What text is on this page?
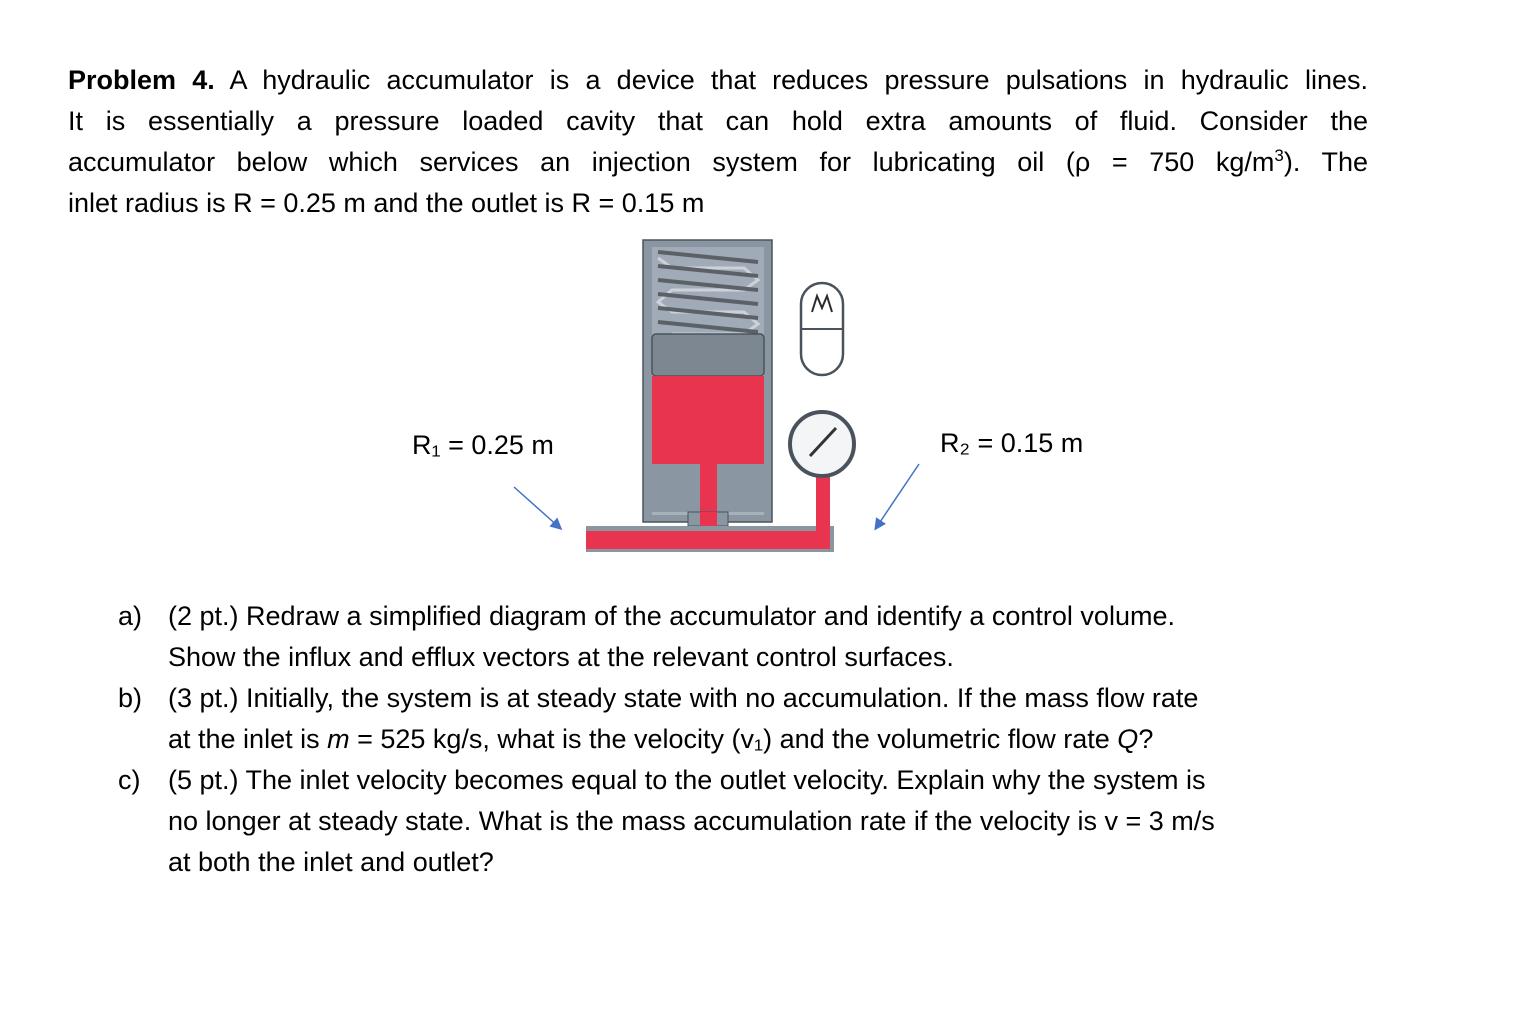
Problem 4. A hydraulic accumulator is a device that reduces pressure pulsations in hydraulic lines.
It is essentially a pressure loaded cavity that can hold extra amounts of fluid. Consider the
accumulator below which services an injection system for lubricating oil (ρ = 750 $kg/m^3$). The
inlet radius is R = 0.25 m and the outlet is R = 0.15 m
R₁ = 0.25 m	R₂ = 0.15 m
a) (2 pt.) Redraw a simplified diagram of the accumulator and identify a control volume.
Show the influx and efflux vectors at the relevant control surfaces.
b) (3 pt.) Initially, the system is at steady state with no accumulation. If the mass flow rate
at the inlet is m = 525 kg/s, what is the velocity (v₁) and the volumetric flow rate Q?
c)	(5 pt.) The inlet velocity becomes equal to the outlet velocity. Explain why the system is
no longer at steady state. What is the mass accumulation rate if the velocity is v = 3 m/s
at both the inlet and outlet?
